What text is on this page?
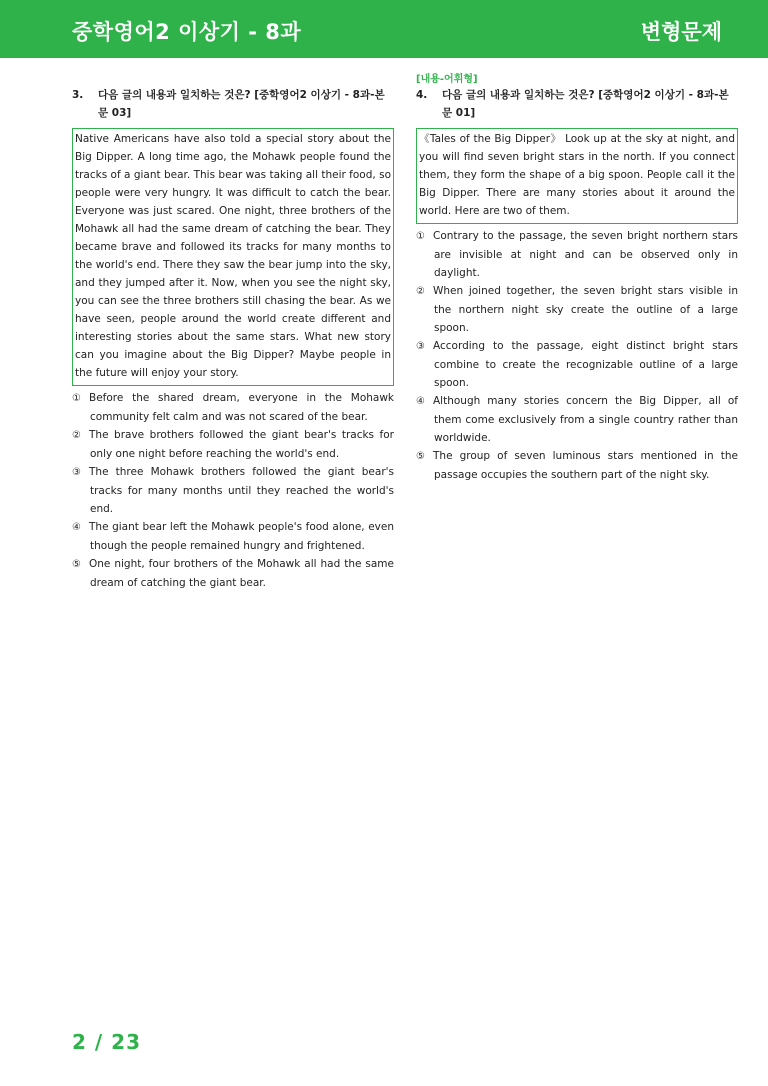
중학영어2 이상기 - 8과	변형문제
3.	다음 글의 내용과 일치하는 것은? [중학영어2 이상기 - 8과-본문 03]
Native Americans have also told a special story about the Big Dipper. A long time ago, the Mohawk people found the tracks of a giant bear. This bear was taking all their food, so people were very hungry. It was difficult to catch the bear. Everyone was just scared. One night, three brothers of the Mohawk all had the same dream of catching the bear. They became brave and followed its tracks for many months to the world's end. There they saw the bear jump into the sky, and they jumped after it. Now, when you see the night sky, you can see the three brothers still chasing the bear. As we have seen, people around the world create different and interesting stories about the same stars. What new story can you imagine about the Big Dipper? Maybe people in the future will enjoy your story.
① Before the shared dream, everyone in the Mohawk community felt calm and was not scared of the bear.
② The brave brothers followed the giant bear's tracks for only one night before reaching the world's end.
③ The three Mohawk brothers followed the giant bear's tracks for many months until they reached the world's end.
④ The giant bear left the Mohawk people's food alone, even though the people remained hungry and frightened.
⑤ One night, four brothers of the Mohawk all had the same dream of catching the giant bear.
[내용-어휘형]
4.	다음 글의 내용과 일치하는 것은? [중학영어2 이상기 - 8과-본문 01]
《Tales of the Big Dipper》 Look up at the sky at night, and you will find seven bright stars in the north. If you connect them, they form the shape of a big spoon. People call it the Big Dipper. There are many stories about it around the world. Here are two of them.
① Contrary to the passage, the seven bright northern stars are invisible at night and can be observed only in daylight.
② When joined together, the seven bright stars visible in the northern night sky create the outline of a large spoon.
③ According to the passage, eight distinct bright stars combine to create the recognizable outline of a large spoon.
④ Although many stories concern the Big Dipper, all of them come exclusively from a single country rather than worldwide.
⑤ The group of seven luminous stars mentioned in the passage occupies the southern part of the night sky.
2 / 23
